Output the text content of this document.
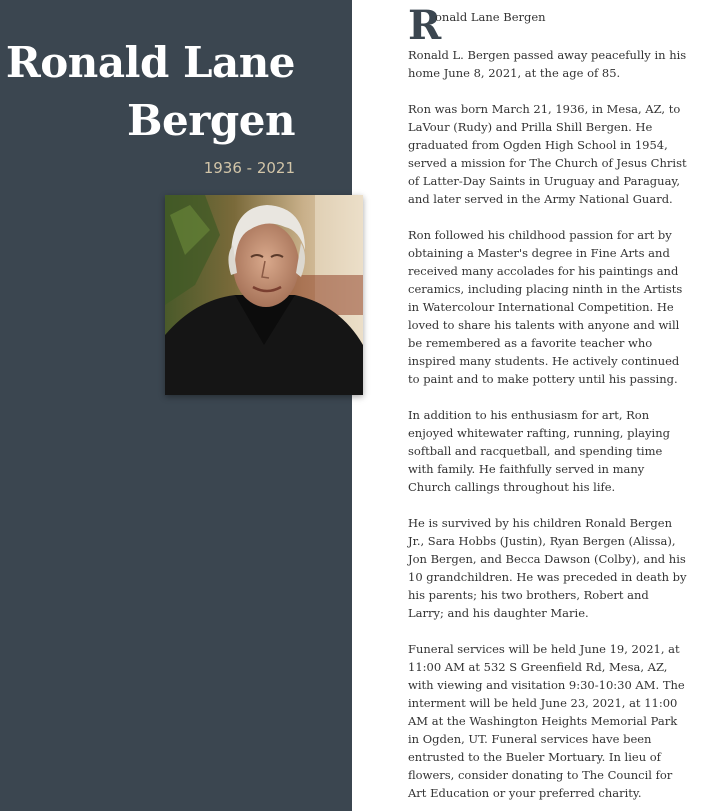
Ronald Lane
Bergen
1936 - 2021
R
onald Lane Bergen

Ronald L. Bergen passed away peacefully in his home June 8, 2021, at the age of 85.

Ron was born March 21, 1936, in Mesa, AZ, to LaVour (Rudy) and Prilla Shill Bergen. He graduated from Ogden High School in 1954, served a mission for The Church of Jesus Christ of Latter-Day Saints in Uruguay and Paraguay, and later served in the Army National Guard.

Ron followed his childhood passion for art by obtaining a Master's degree in Fine Arts and received many accolades for his paintings and ceramics, including placing ninth in the Artists in Watercolour International Competition. He loved to share his talents with anyone and will be remembered as a favorite teacher who inspired many students. He actively continued to paint and to make pottery until his passing.

In addition to his enthusiasm for art, Ron enjoyed whitewater rafting, running, playing softball and racquetball, and spending time with family. He faithfully served in many Church callings throughout his life.

He is survived by his children Ronald Bergen Jr., Sara Hobbs (Justin), Ryan Bergen (Alissa), Jon Bergen, and Becca Dawson (Colby), and his 10 grandchildren. He was preceded in death by his parents; his two brothers, Robert and Larry; and his daughter Marie.

Funeral services will be held June 19, 2021, at 11:00 AM at 532 S Greenfield Rd, Mesa, AZ, with viewing and visitation 9:30-10:30 AM. The interment will be held June 23, 2021, at 11:00 AM at the Washington Heights Memorial Park in Ogden, UT. Funeral services have been entrusted to the Bueler Mortuary. In lieu of flowers, consider donating to The Council for Art Education or your preferred charity.
